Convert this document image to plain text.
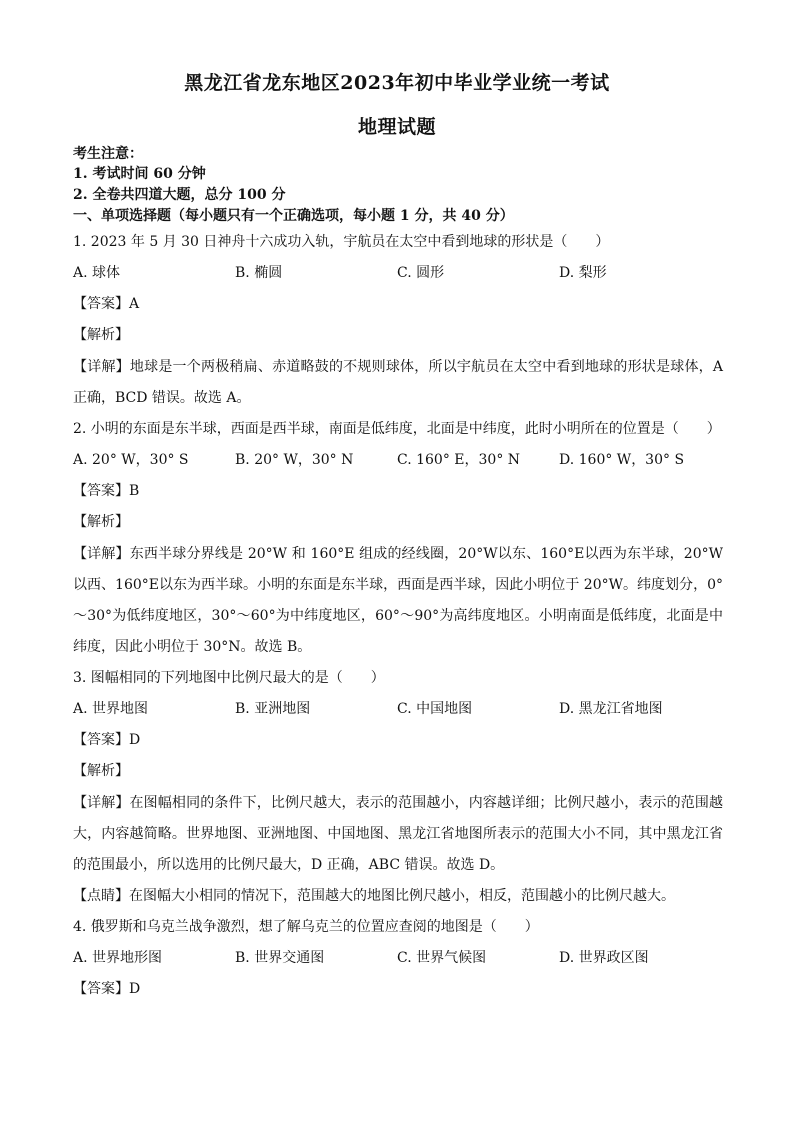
黑龙江省龙东地区2023年初中毕业学业统一考试
地理试题
考生注意：
1. 考试时间 60 分钟
2. 全卷共四道大题，总分 100 分
一、单项选择题（每小题只有一个正确选项，每小题 1 分，共 40 分）
1. 2023 年 5 月 30 日神舟十六成功入轨，宇航员在太空中看到地球的形状是（　　）
A. 球体	B. 椭圆	C. 圆形	D. 梨形
【答案】A
【解析】
【详解】地球是一个两极稍扁、赤道略鼓的不规则球体，所以宇航员在太空中看到地球的形状是球体，A 正确，BCD 错误。故选 A。
2. 小明的东面是东半球，西面是西半球，南面是低纬度，北面是中纬度，此时小明所在的位置是（　　）
A. 20° W，30° S	B. 20° W，30° N	C. 160° E，30° N	D. 160° W，30° S
【答案】B
【解析】
【详解】东西半球分界线是 20°W 和 160°E 组成的经线圈，20°W以东、160°E以西为东半球，20°W以西、160°E以东为西半球。小明的东面是东半球，西面是西半球，因此小明位于 20°W。纬度划分，0°～30°为低纬度地区，30°～60°为中纬度地区，60°～90°为高纬度地区。小明南面是低纬度，北面是中纬度，因此小明位于 30°N。故选 B。
3. 图幅相同的下列地图中比例尺最大的是（　　）
A. 世界地图	B. 亚洲地图	C. 中国地图	D. 黑龙江省地图
【答案】D
【解析】
【详解】在图幅相同的条件下，比例尺越大，表示的范围越小，内容越详细；比例尺越小，表示的范围越大，内容越简略。世界地图、亚洲地图、中国地图、黑龙江省地图所表示的范围大小不同，其中黑龙江省的范围最小，所以选用的比例尺最大，D 正确，ABC 错误。故选 D。
【点睛】在图幅大小相同的情况下，范围越大的地图比例尺越小，相反，范围越小的比例尺越大。
4. 俄罗斯和乌克兰战争激烈，想了解乌克兰的位置应查阅的地图是（　　）
A. 世界地形图	B. 世界交通图	C. 世界气候图	D. 世界政区图
【答案】D
